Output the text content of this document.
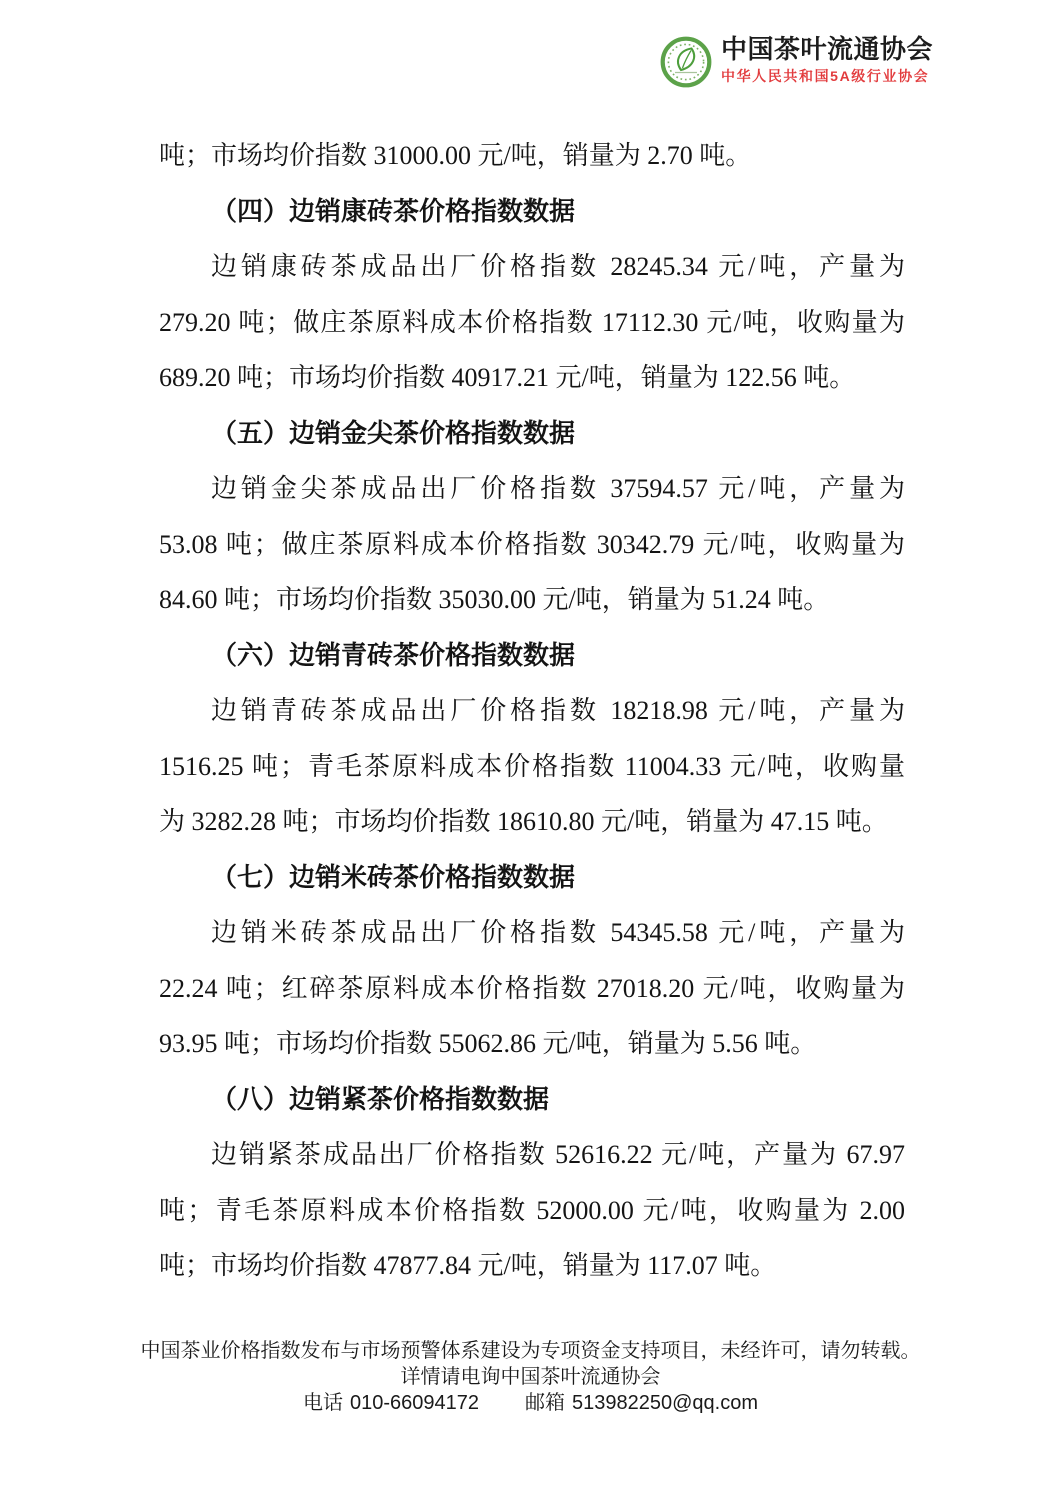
中国茶叶流通协会
中华人民共和国5A级行业协会
吨；市场均价指数 31000.00 元/吨，销量为 2.70 吨。
（四）边销康砖茶价格指数数据
边销康砖茶成品出厂价格指数 28245.34 元/吨，产量为
279.20 吨；做庄茶原料成本价格指数 17112.30 元/吨，收购量为
689.20 吨；市场均价指数 40917.21 元/吨，销量为 122.56 吨。
（五）边销金尖茶价格指数数据
边销金尖茶成品出厂价格指数 37594.57 元/吨，产量为
53.08 吨；做庄茶原料成本价格指数 30342.79 元/吨，收购量为
84.60 吨；市场均价指数 35030.00 元/吨，销量为 51.24 吨。
（六）边销青砖茶价格指数数据
边销青砖茶成品出厂价格指数 18218.98 元/吨，产量为
1516.25 吨；青毛茶原料成本价格指数 11004.33 元/吨，收购量
为 3282.28 吨；市场均价指数 18610.80 元/吨，销量为 47.15 吨。
（七）边销米砖茶价格指数数据
边销米砖茶成品出厂价格指数 54345.58 元/吨，产量为
22.24 吨；红碎茶原料成本价格指数 27018.20 元/吨，收购量为
93.95 吨；市场均价指数 55062.86 元/吨，销量为 5.56 吨。
（八）边销紧茶价格指数数据
边销紧茶成品出厂价格指数 52616.22 元/吨，产量为 67.97
吨；青毛茶原料成本价格指数 52000.00 元/吨，收购量为 2.00
吨；市场均价指数 47877.84 元/吨，销量为 117.07 吨。
中国茶业价格指数发布与市场预警体系建设为专项资金支持项目，未经许可，请勿转载。
详情请电询中国茶叶流通协会
电话 010-66094172 邮箱 513982250@qq.com
